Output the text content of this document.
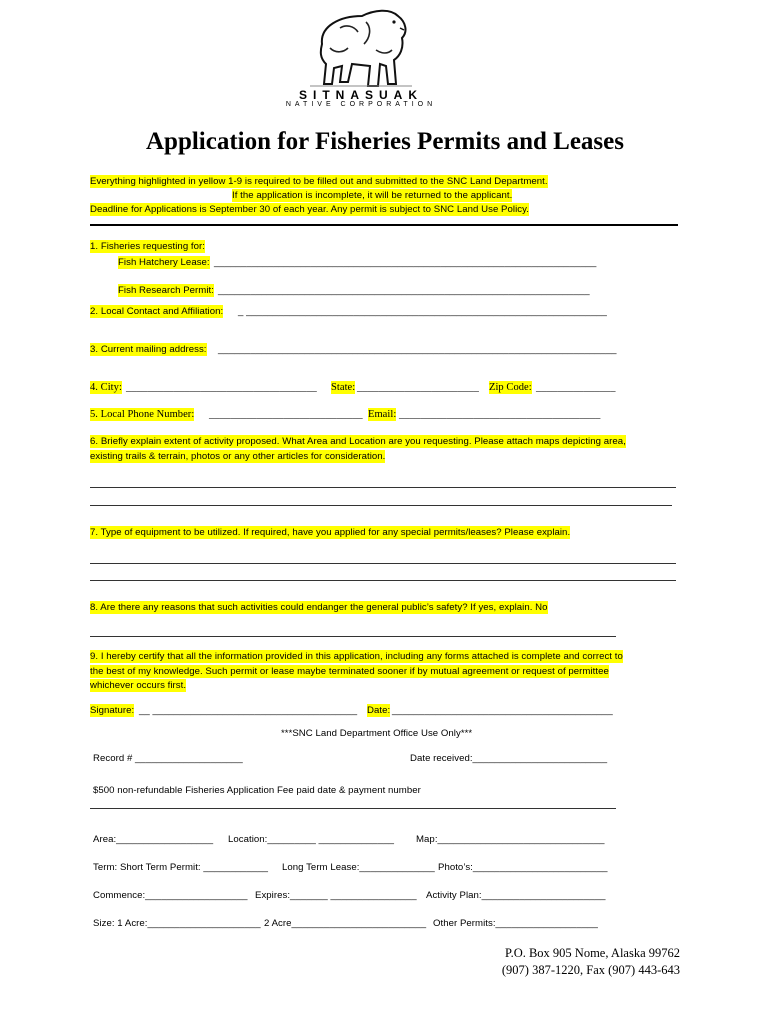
SITNASUAK
NATIVE CORPORATION
Application for Fisheries Permits and Leases
Everything highlighted in yellow 1-9 is required to be filled out and submitted to the SNC Land Department.
If the application is incomplete, it will be returned to the applicant.
Deadline for Applications is September 30 of each year. Any permit is subject to SNC Land Use Policy.
1. Fisheries requesting for:
Fish Hatchery Lease: _______________________________________________________________________
Fish Research Permit: _____________________________________________________________________
2. Local Contact and Affiliation: _ ___________________________________________________________________
3. Current mailing address: __________________________________________________________________________
4. City: ____________________________________ State: _______________________ Zip Code: _______________
5. Local Phone Number: _____________________________ Email: ______________________________________
6. Briefly explain extent of activity proposed. What Area and Location are you requesting. Please attach maps depicting area,
existing trails & terrain, photos or any other articles for consideration.
7. Type of equipment to be utilized. If required, have you applied for any special permits/leases? Please explain.
8. Are there any reasons that such activities could endanger the general public’s safety? If yes, explain. No
9. I hereby certify that all the information provided in this application, including any forms attached is complete and correct to
the best of my knowledge. Such permit or lease maybe terminated sooner if by mutual agreement or request of permittee
whichever occurs first.
Signature: __ ______________________________________ Date: _________________________________________
***SNC Land Department Office Use Only***
Record # ____________________	Date received:_________________________
$500 non-refundable Fisheries Application Fee paid date & payment number
Area:__________________ Location:_________ ______________ Map:_______________________________
Term: Short Term Permit: ____________ Long Term Lease:______________ Photo’s:_________________________
Commence:___________________ Expires:_______ ________________ Activity Plan:_______________________
Size: 1 Acre:_____________________ 2 Acre_________________________ Other Permits:___________________
P.O. Box 905 Nome, Alaska 99762
(907) 387-1220, Fax (907) 443-643
